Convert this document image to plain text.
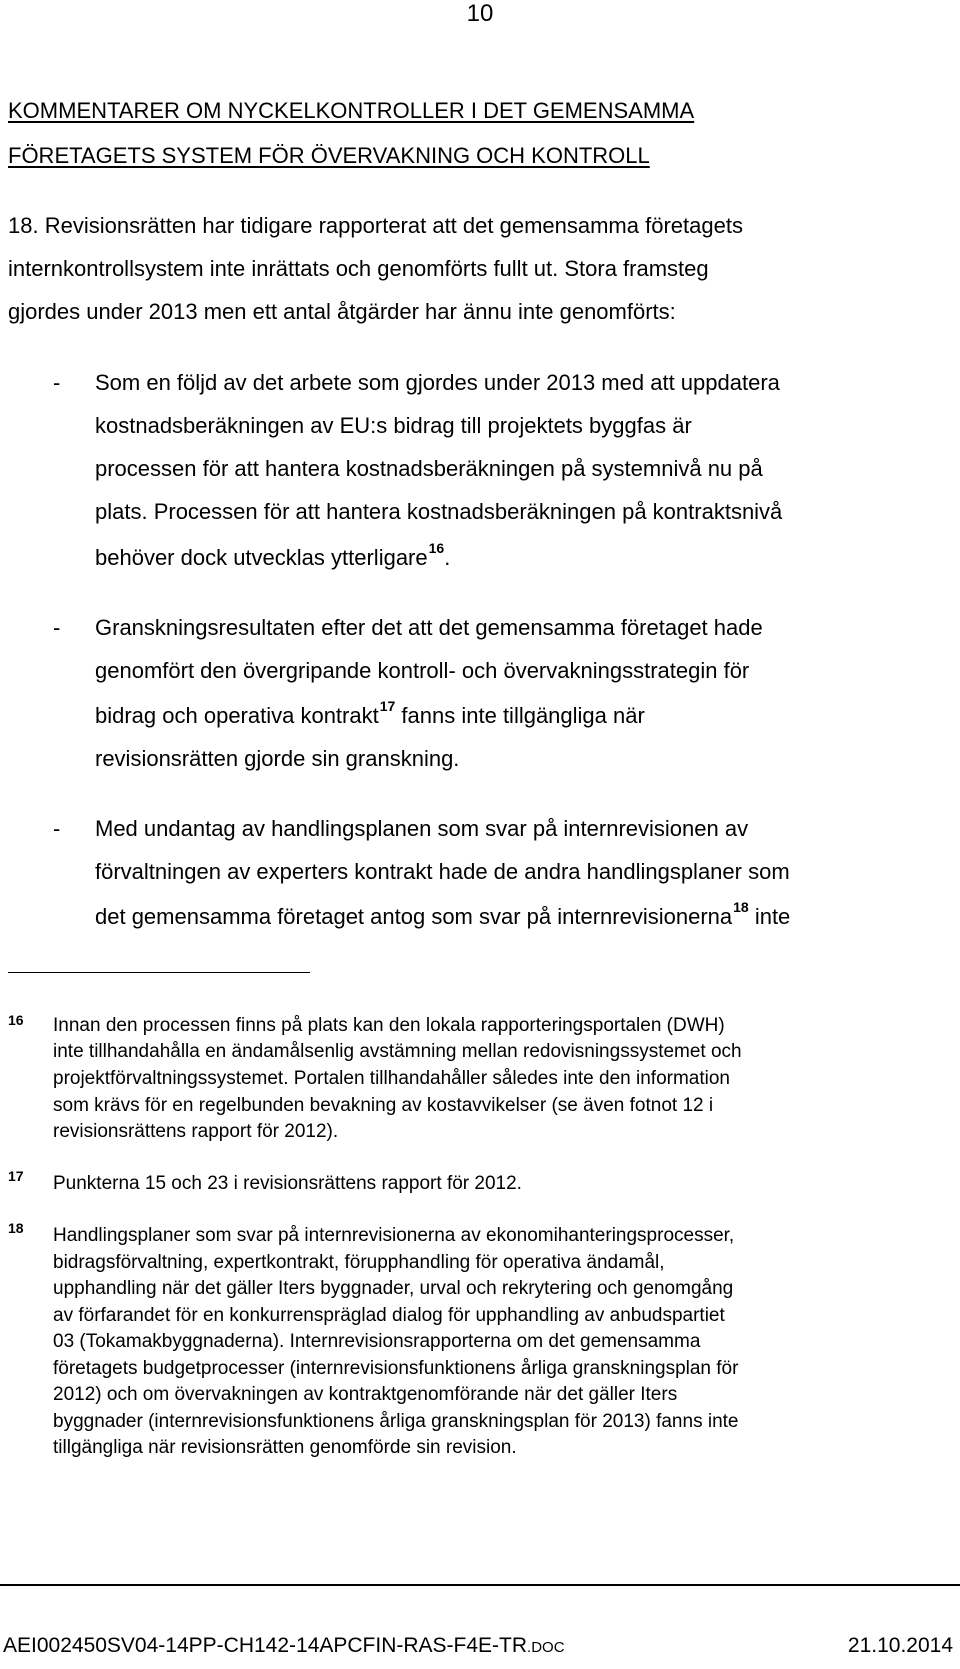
10
KOMMENTARER OM NYCKELKONTROLLER I DET GEMENSAMMA
FÖRETAGETS SYSTEM FÖR ÖVERVAKNING OCH KONTROLL
18. Revisionsrätten har tidigare rapporterat att det gemensamma företagets
internkontrollsystem inte inrättats och genomförts fullt ut. Stora framsteg
gjordes under 2013 men ett antal åtgärder har ännu inte genomförts:
- Som en följd av det arbete som gjordes under 2013 med att uppdatera
kostnadsberäkningen av EU:s bidrag till projektets byggfas är
processen för att hantera kostnadsberäkningen på systemnivå nu på
plats. Processen för att hantera kostnadsberäkningen på kontraktsnivå
behöver dock utvecklas ytterligare$^{16}$.
- Granskningsresultaten efter det att det gemensamma företaget hade
genomfört den övergripande kontroll- och övervakningsstrategin för
bidrag och operativa kontrakt$^{17}$ fanns inte tillgängliga när
revisionsrätten gjorde sin granskning.
- Med undantag av handlingsplanen som svar på internrevisionen av
förvaltningen av experters kontrakt hade de andra handlingsplaner som
det gemensamma företaget antog som svar på internrevisionerna$^{18}$ inte
16 Innan den processen finns på plats kan den lokala rapporteringsportalen (DWH)
inte tillhandahålla en ändamålsenlig avstämning mellan redovisningssystemet och
projektförvaltningssystemet. Portalen tillhandahåller således inte den information
som krävs för en regelbunden bevakning av kostavvikelser (se även fotnot 12 i
revisionsrättens rapport för 2012).
17 Punkterna 15 och 23 i revisionsrättens rapport för 2012.
18 Handlingsplaner som svar på internrevisionerna av ekonomihanteringsprocesser,
bidragsförvaltning, expertkontrakt, förupphandling för operativa ändamål,
upphandling när det gäller Iters byggnader, urval och rekrytering och genomgång
av förfarandet för en konkurrenspräglad dialog för upphandling av anbudspartiet
03 (Tokamakbyggnaderna). Internrevisionsrapporterna om det gemensamma
företagets budgetprocesser (internrevisionsfunktionens årliga granskningsplan för
2012) och om övervakningen av kontraktgenomförande när det gäller Iters
byggnader (internrevisionsfunktionens årliga granskningsplan för 2013) fanns inte
tillgängliga när revisionsrätten genomförde sin revision.
AEI002450SV04-14PP-CH142-14APCFIN-RAS-F4E-TR.DOC	21.10.2014
